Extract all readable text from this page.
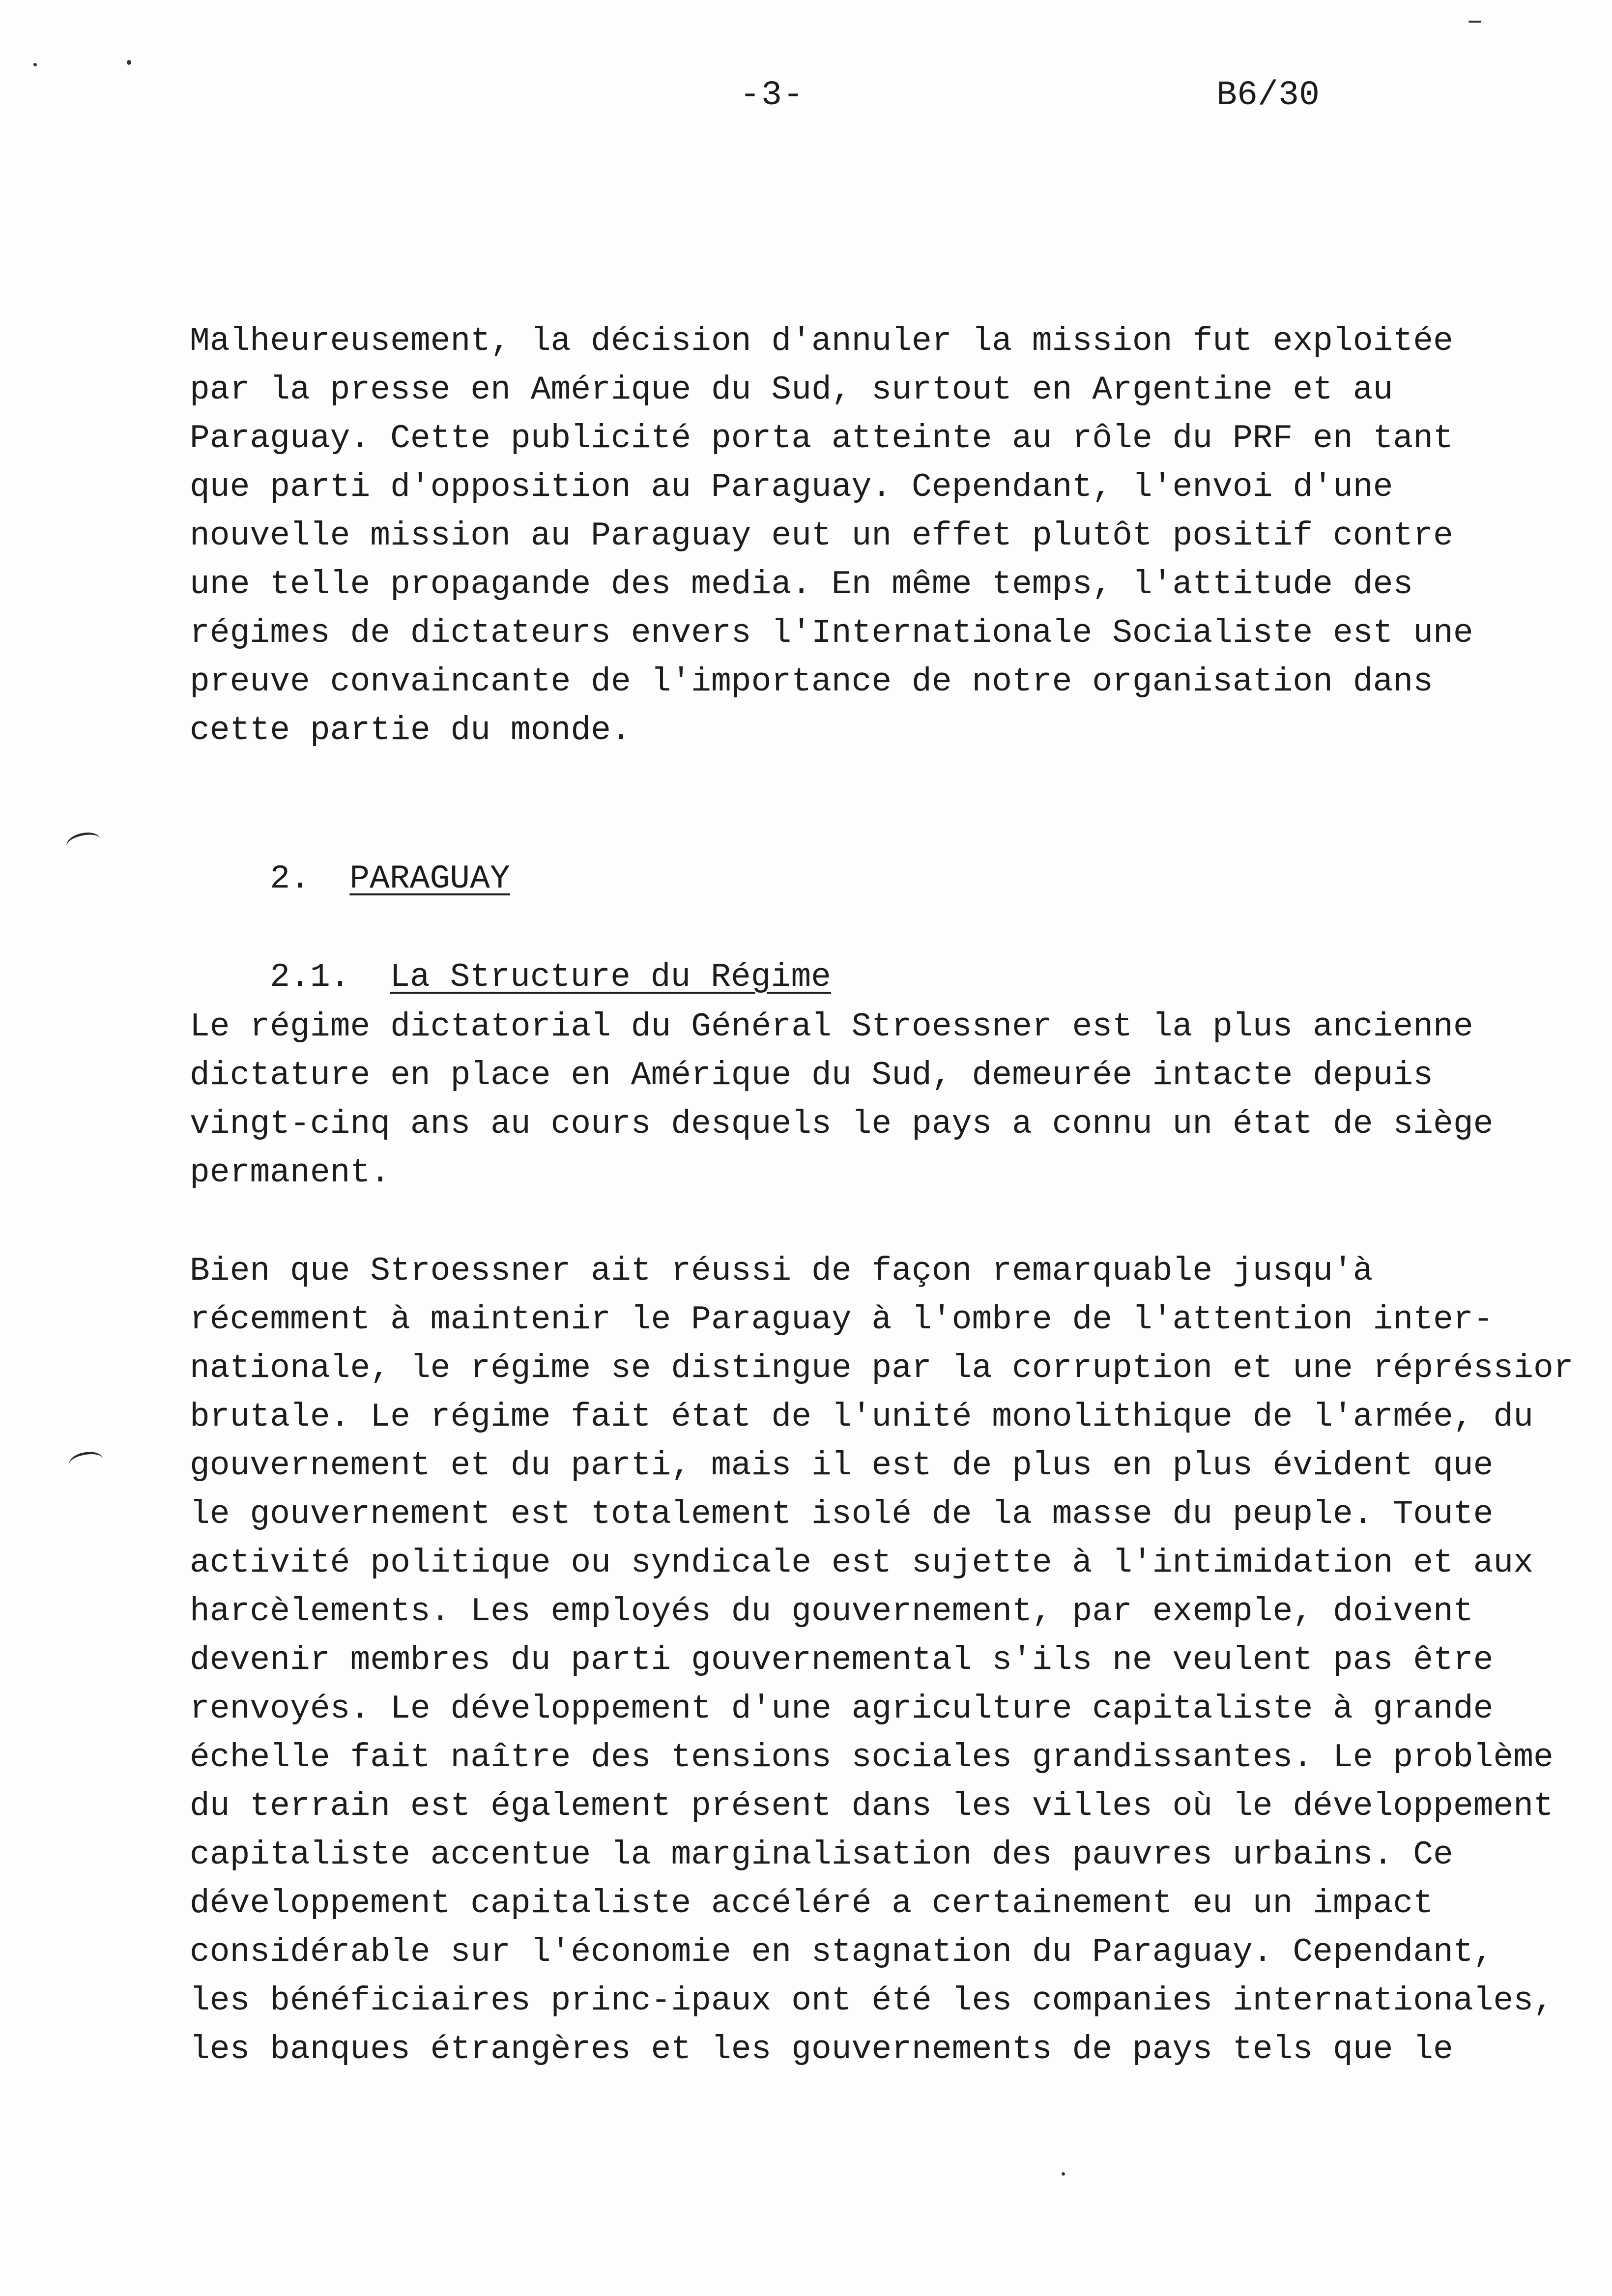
-3-	B6/30
Malheureusement, la décision d'annuler la mission fut exploitée
par la presse en Amérique du Sud, surtout en Argentine et au
Paraguay. Cette publicité porta atteinte au rôle du PRF en tant
que parti d'opposition au Paraguay. Cependant, l'envoi d'une
nouvelle mission au Paraguay eut un effet plutôt positif contre
une telle propagande des media. En même temps, l'attitude des
régimes de dictateurs envers l'Internationale Socialiste est une
preuve convaincante de l'importance de notre organisation dans
cette partie du monde.

2. PARAGUAY

2.1. La Structure du Régime

Le régime dictatorial du Général Stroessner est la plus ancienne
dictature en place en Amérique du Sud, demeurée intacte depuis
vingt-cinq ans au cours desquels le pays a connu un état de siège
permanent.
Bien que Stroessner ait réussi de façon remarquable jusqu'à
récemment à maintenir le Paraguay à l'ombre de l'attention inter-
nationale, le régime se distingue par la corruption et une répréssior
brutale. Le régime fait état de l'unité monolithique de l'armée, du
gouvernement et du parti, mais il est de plus en plus évident que
le gouvernement est totalement isolé de la masse du peuple. Toute
activité politique ou syndicale est sujette à l'intimidation et aux
harcèlements. Les employés du gouvernement, par exemple, doivent
devenir membres du parti gouvernemental s'ils ne veulent pas être
renvoyés. Le développement d'une agriculture capitaliste à grande
échelle fait naître des tensions sociales grandissantes. Le problème
du terrain est également présent dans les villes où le développement
capitaliste accentue la marginalisation des pauvres urbains. Ce
développement capitaliste accéléré a certainement eu un impact
considérable sur l'économie en stagnation du Paraguay. Cependant,
les bénéficiaires princ-ipaux ont été les companies internationales,
les banques étrangères et les gouvernements de pays tels que le
